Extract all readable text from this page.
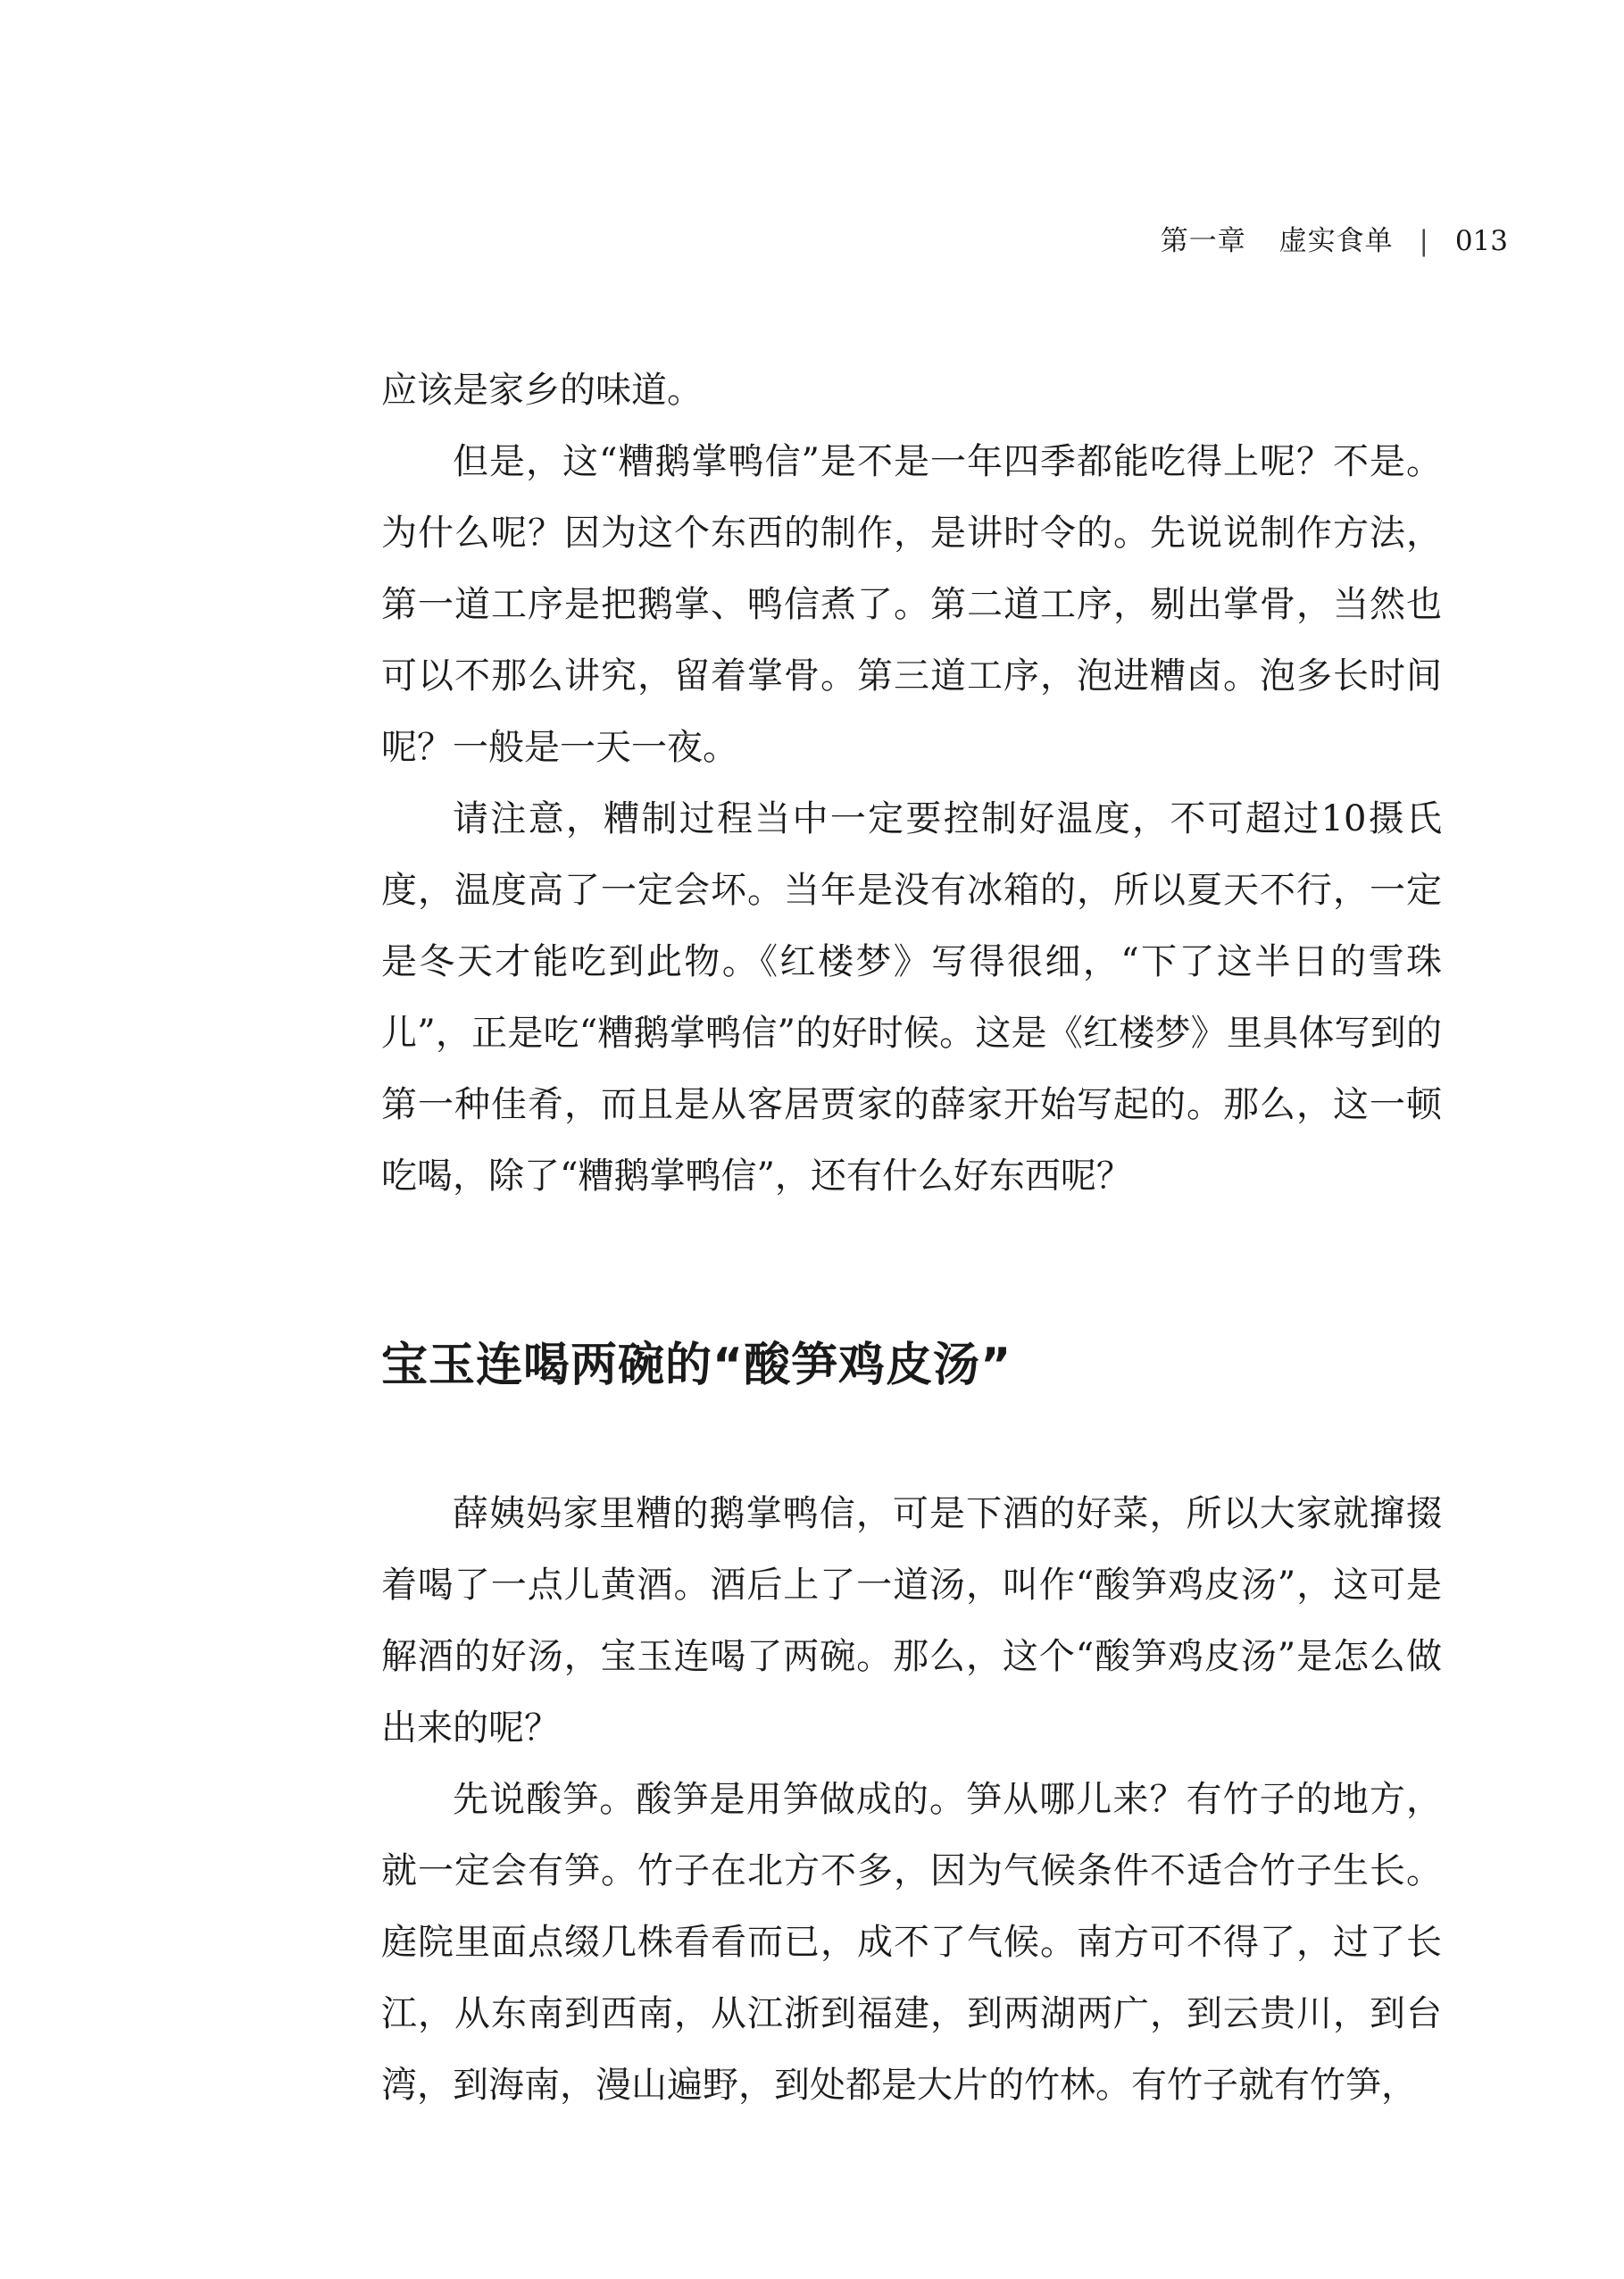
第一章 虚实食单 | 013

应该是家乡的味道。

但是，这“糟鹅掌鸭信”是不是一年四季都能吃得上呢？不是。为什么呢？因为这个东西的制作，是讲时令的。先说说制作方法，第一道工序是把鹅掌、鸭信煮了。第二道工序，剔出掌骨，当然也可以不那么讲究，留着掌骨。第三道工序，泡进糟卤。泡多长时间呢？一般是一天一夜。

请注意，糟制过程当中一定要控制好温度，不可超过10摄氏度，温度高了一定会坏。当年是没有冰箱的，所以夏天不行，一定是冬天才能吃到此物。《红楼梦》写得很细，“下了这半日的雪珠儿”，正是吃“糟鹅掌鸭信”的好时候。这是《红楼梦》里具体写到的第一种佳肴，而且是从客居贾家的薛家开始写起的。那么，这一顿吃喝，除了“糟鹅掌鸭信”，还有什么好东西呢？

宝玉连喝两碗的“酸笋鸡皮汤”

薛姨妈家里糟的鹅掌鸭信，可是下酒的好菜，所以大家就撺掇着喝了一点儿黄酒。酒后上了一道汤，叫作“酸笋鸡皮汤”，这可是解酒的好汤，宝玉连喝了两碗。那么，这个“酸笋鸡皮汤”是怎么做出来的呢？

先说酸笋。酸笋是用笋做成的。笋从哪儿来？有竹子的地方，就一定会有笋。竹子在北方不多，因为气候条件不适合竹子生长。庭院里面点缀几株看看而已，成不了气候。南方可不得了，过了长江，从东南到西南，从江浙到福建，到两湖两广，到云贵川，到台湾，到海南，漫山遍野，到处都是大片的竹林。有竹子就有竹笋，
